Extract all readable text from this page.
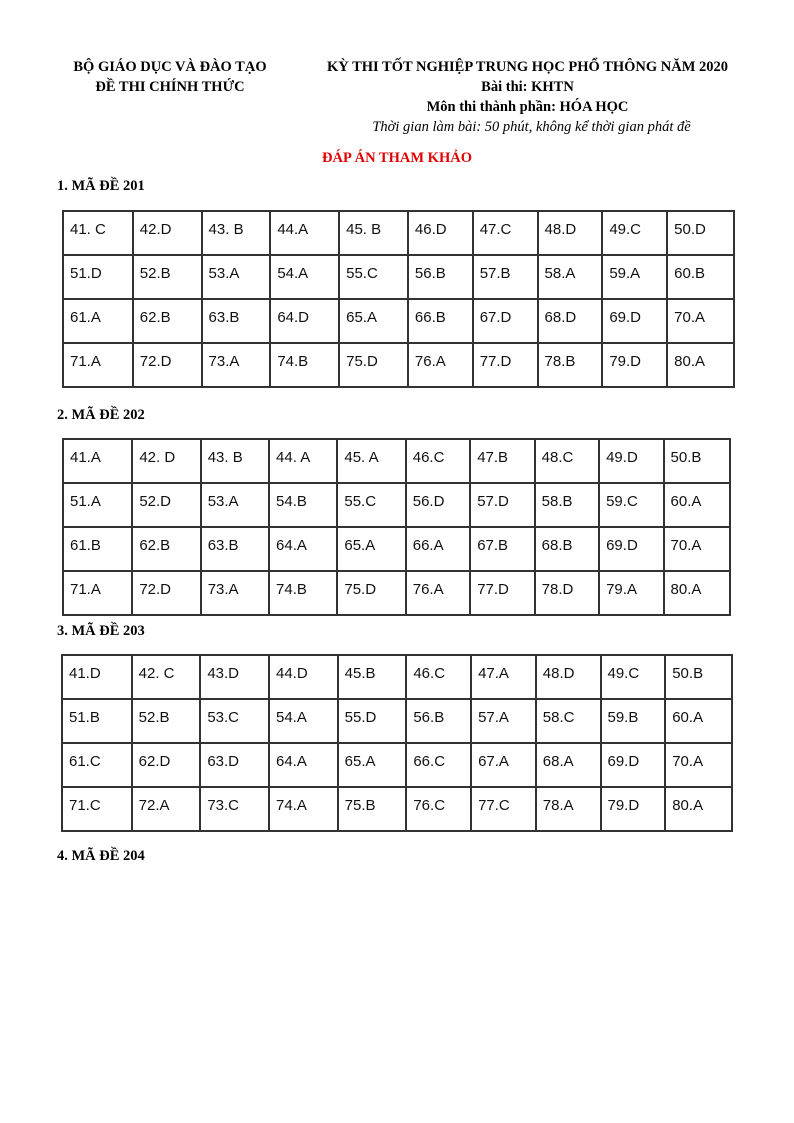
BỘ GIÁO DỤC VÀ ĐÀO TẠO
ĐỀ THI CHÍNH THỨC
KỲ THI TỐT NGHIỆP TRUNG HỌC PHỔ THÔNG NĂM 2020
Bài thi: KHTN
Môn thi thành phần: HÓA HỌC
Thời gian làm bài: 50 phút, không kể thời gian phát đề
ĐÁP ÁN THAM KHẢO
1. MÃ ĐỀ 201
41. C	42.D	43. B	44.A	45. B	46.D	47.C	48.D	49.C	50.D
51.D	52.B	53.A	54.A	55.C	56.B	57.B	58.A	59.A	60.B
61.A	62.B	63.B	64.D	65.A	66.B	67.D	68.D	69.D	70.A
71.A	72.D	73.A	74.B	75.D	76.A	77.D	78.B	79.D	80.A
2. MÃ ĐỀ 202
41.A	42. D	43. B	44. A	45. A	46.C	47.B	48.C	49.D	50.B
51.A	52.D	53.A	54.B	55.C	56.D	57.D	58.B	59.C	60.A
61.B	62.B	63.B	64.A	65.A	66.A	67.B	68.B	69.D	70.A
71.A	72.D	73.A	74.B	75.D	76.A	77.D	78.D	79.A	80.A
3. MÃ ĐỀ 203
41.D	42. C	43.D	44.D	45.B	46.C	47.A	48.D	49.C	50.B
51.B	52.B	53.C	54.A	55.D	56.B	57.A	58.C	59.B	60.A
61.C	62.D	63.D	64.A	65.A	66.C	67.A	68.A	69.D	70.A
71.C	72.A	73.C	74.A	75.B	76.C	77.C	78.A	79.D	80.A
4. MÃ ĐỀ 204
